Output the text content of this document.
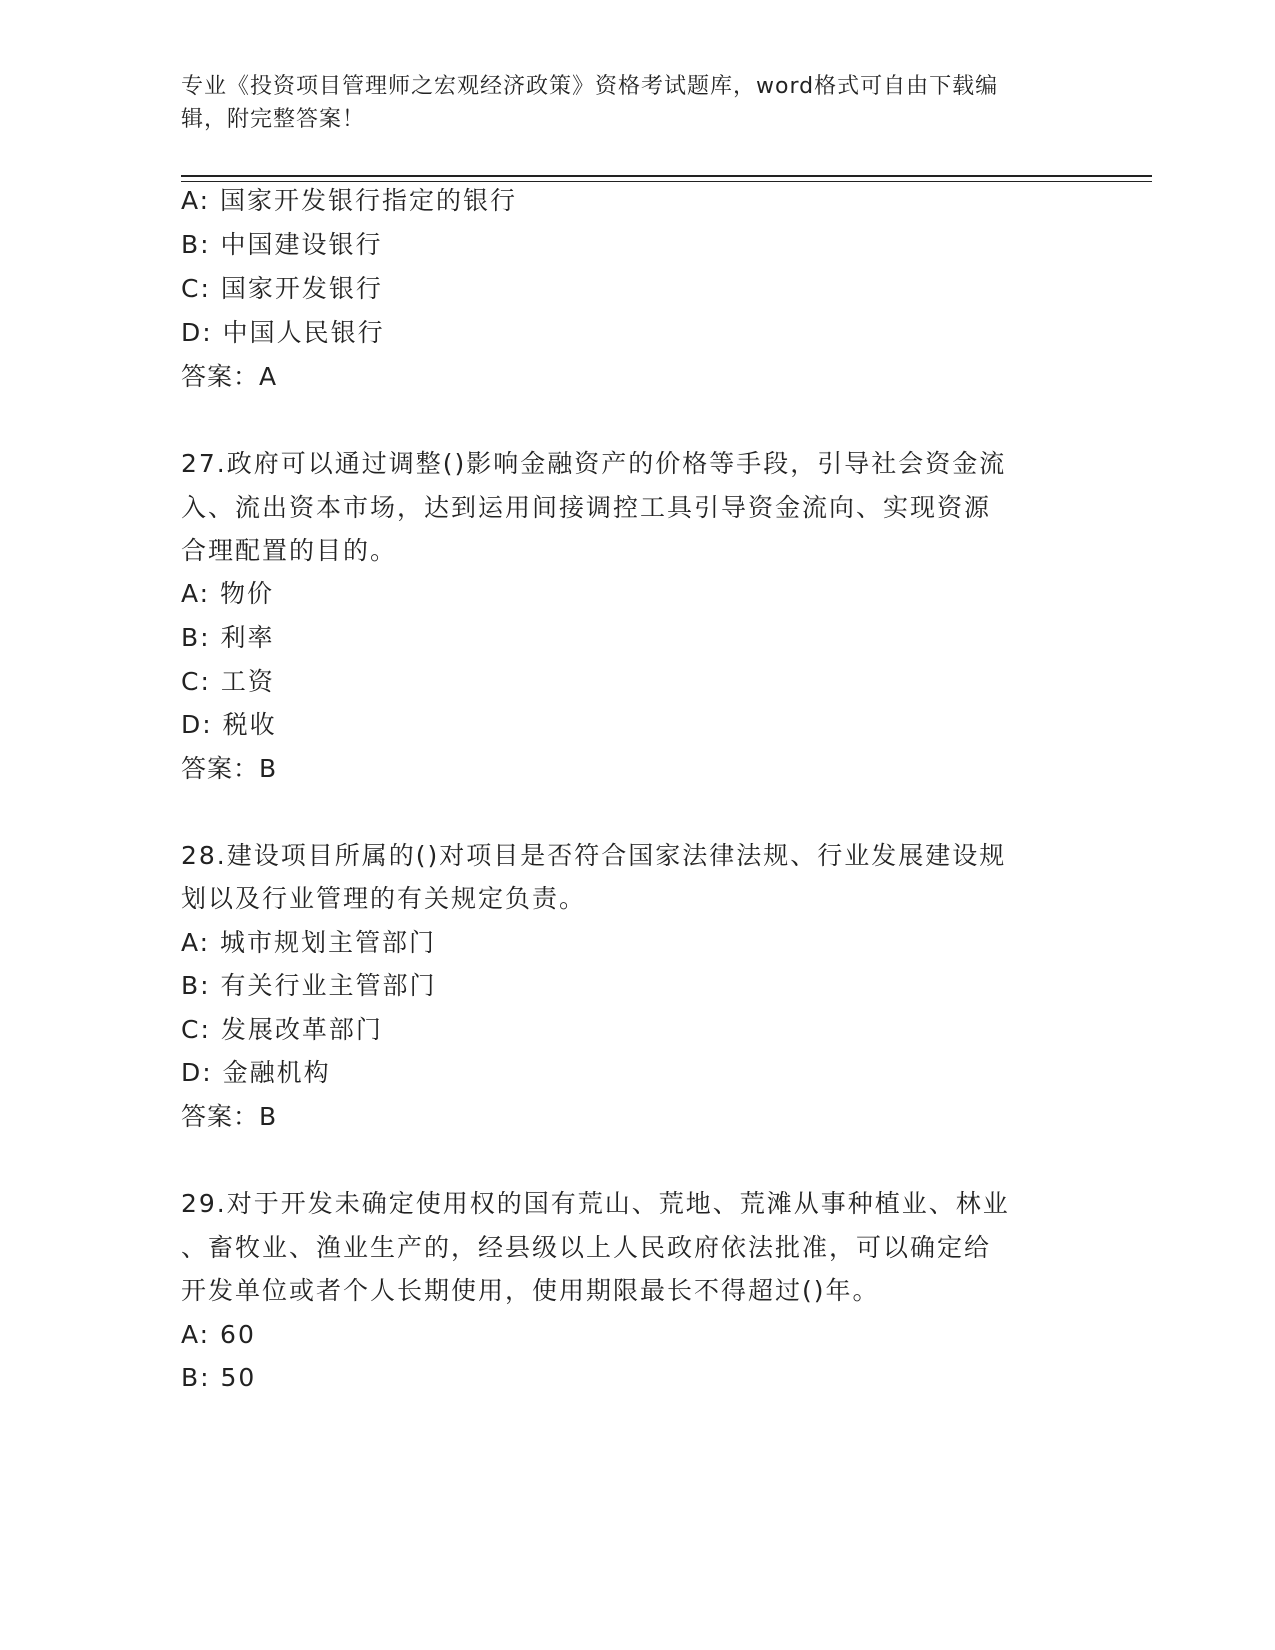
专业《投资项目管理师之宏观经济政策》资格考试题库，word格式可自由下载编
辑，附完整答案！
A: 国家开发银行指定的银行
B: 中国建设银行
C: 国家开发银行
D: 中国人民银行
答案：A
27.政府可以通过调整()影响金融资产的价格等手段，引导社会资金流
入、流出资本市场，达到运用间接调控工具引导资金流向、实现资源
合理配置的目的。
A: 物价
B: 利率
C: 工资
D: 税收
答案：B
28.建设项目所属的()对项目是否符合国家法律法规、行业发展建设规
划以及行业管理的有关规定负责。
A: 城市规划主管部门
B: 有关行业主管部门
C: 发展改革部门
D: 金融机构
答案：B
29.对于开发未确定使用权的国有荒山、荒地、荒滩从事种植业、林业
、畜牧业、渔业生产的，经县级以上人民政府依法批准，可以确定给
开发单位或者个人长期使用，使用期限最长不得超过()年。
A: 60
B: 50
